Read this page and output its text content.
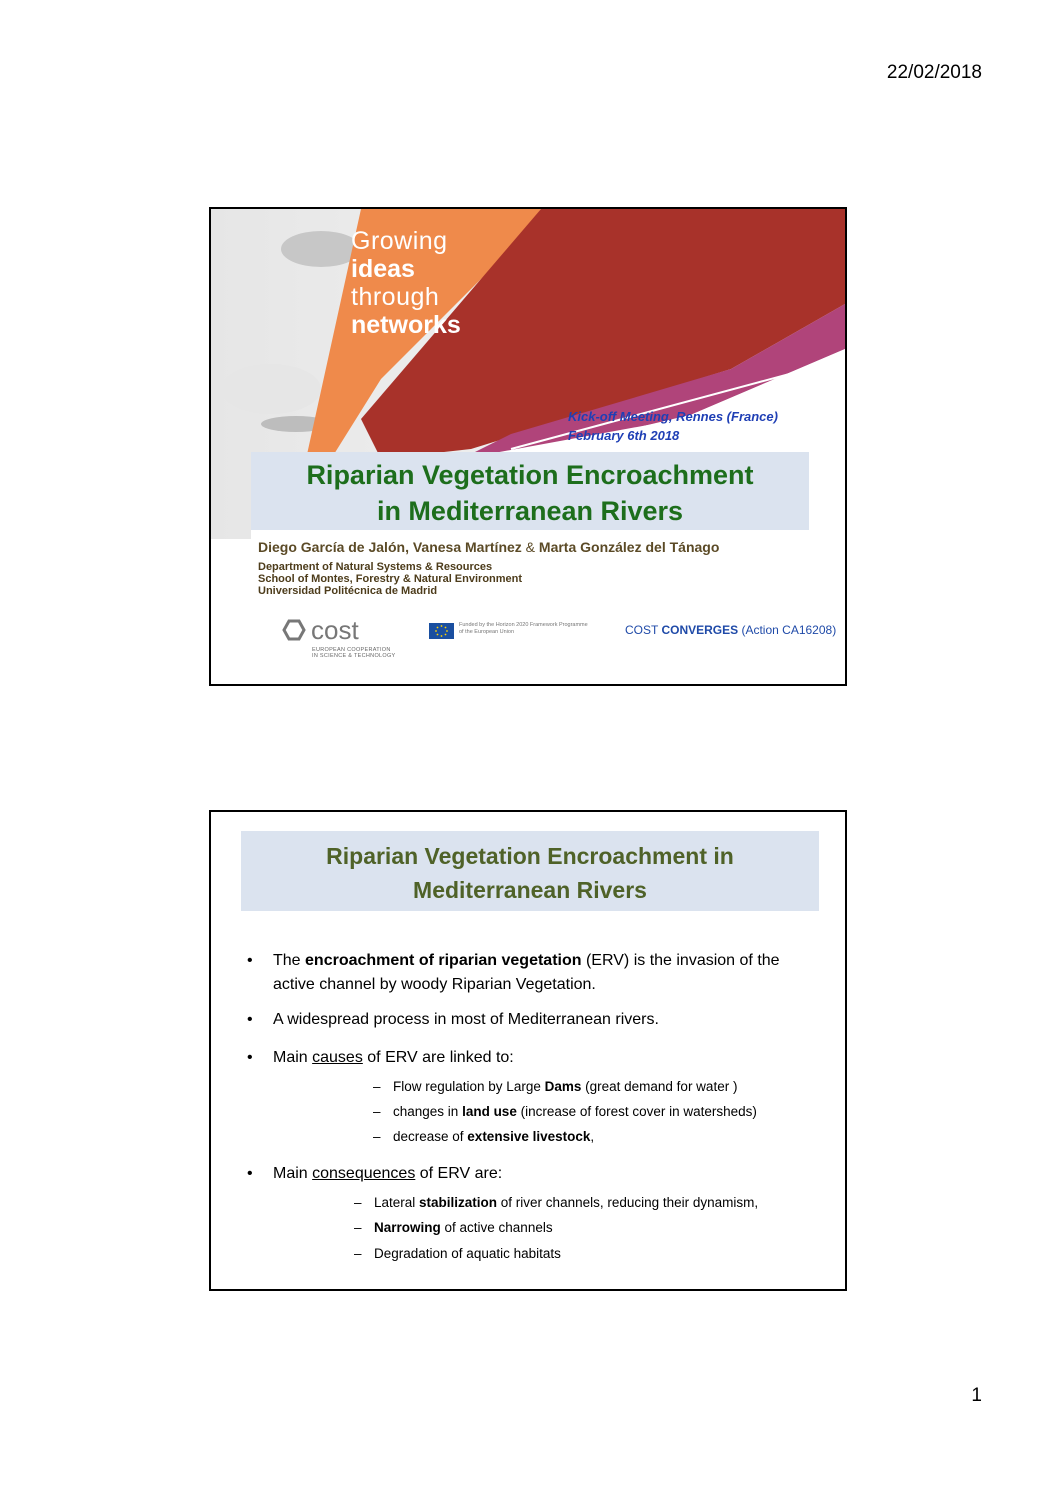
22/02/2018
Growing
ideas
through
networks
Kick-off Meeting, Rennes (France)
February 6th 2018
Riparian Vegetation Encroachment
in Mediterranean Rivers
Diego García de Jalón, Vanesa Martínez & Marta González del Tánago
Department of Natural Systems & Resources
School of Montes, Forestry & Natural Environment
Universidad Politécnica de Madrid
cost
EUROPEAN COOPERATION
IN SCIENCE & TECHNOLOGY
Funded by the Horizon 2020 Framework Programme
of the European Union	COST CONVERGES (Action CA16208)
Riparian Vegetation Encroachment in
Mediterranean Rivers
• The encroachment of riparian vegetation (ERV) is the invasion of the
active channel by woody Riparian Vegetation.
• A widespread process in most of Mediterranean rivers.
• Main causes of ERV are linked to:
– Flow regulation by Large Dams (great demand for water )
– changes in land use (increase of forest cover in watersheds)
– decrease of extensive livestock,
• Main consequences of ERV are:
– Lateral stabilization of river channels, reducing their dynamism,
– Narrowing of active channels
– Degradation of aquatic habitats
1
